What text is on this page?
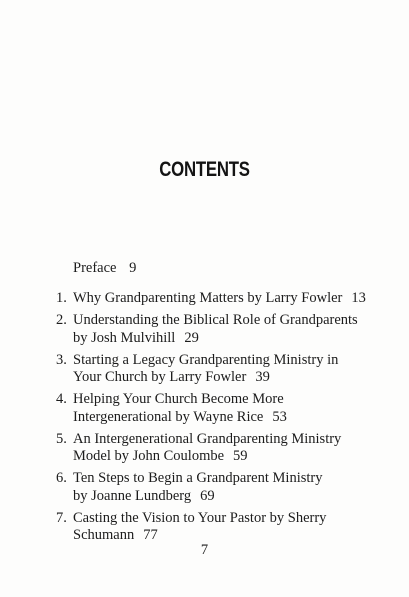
CONTENTS
Preface 9
1. Why Grandparenting Matters by Larry Fowler 13
2. Understanding the Biblical Role of Grandparents
by Josh Mulvihill 29
3. Starting a Legacy Grandparenting Ministry in
Your Church by Larry Fowler 39
4. Helping Your Church Become More
Intergenerational by Wayne Rice 53
5. An Intergenerational Grandparenting Ministry
Model by John Coulombe 59
6. Ten Steps to Begin a Grandparent Ministry
by Joanne Lundberg 69
7. Casting the Vision to Your Pastor by Sherry
Schumann 77
7
